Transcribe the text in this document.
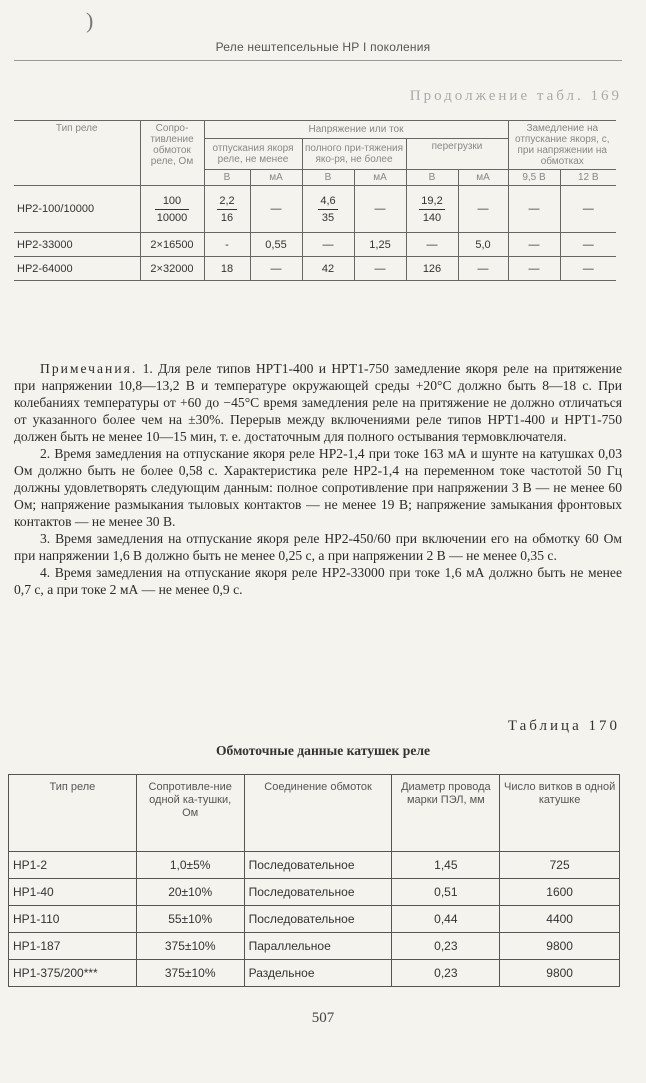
)
Реле нештепсельные НР I поколения
Продолжение табл. 169
Тип реле	Сопро-тивление обмоток реле, Ом	Напряжение или ток						Замедление на отпускание якоря, с, при напряжении на обмотках	
		отпускания якоря реле, не менее		полного при-тяжения яко-ря, не более		перегрузки			
		В	мА	В	мА	В	мА	9,5 В	12 В
НР2-100/10000	$\frac{100}{10000}$	$\frac{2,2}{16}$	—	$\frac{4,6}{35}$	—	$\frac{19,2}{140}$	—	—	—
НР2-33000	2×16500	-	0,55	—	1,25	—	5,0	—	—
НР2-64000	2×32000	18	—	42	—	126	—	—	—

Примечания. 1. Для реле типов НРТ1-400 и НРТ1-750 замедление якоря реле на притяжение при напряжении 10,8—13,2 В и температуре окружающей среды +20°С должно быть 8—18 с. При колебаниях температуры от +60 до −45°С время замедления реле на притяжение не должно отличаться от указанного более чем на ±30%. Перерыв между включениями реле типов НРТ1-400 и НРТ1-750 должен быть не менее 10—15 мин, т. е. достаточным для полного остывания термовключателя.

2. Время замедления на отпускание якоря реле НР2-1,4 при токе 163 мА и шунте на катушках 0,03 Ом должно быть не более 0,58 с. Характеристика реле НР2-1,4 на переменном токе частотой 50 Гц должны удовлетворять следующим данным: полное сопротивление при напряжении 3 В — не менее 60 Ом; напряжение размыкания тыловых контактов — не менее 19 В; напряжение замыкания фронтовых контактов — не менее 30 В.

3. Время замедления на отпускание якоря реле НР2-450/60 при включении его на обмотку 60 Ом при напряжении 1,6 В должно быть не менее 0,25 с, а при напряжении 2 В — не менее 0,35 с.

4. Время замедления на отпускание якоря реле НР2-33000 при токе 1,6 мА должно быть не менее 0,7 с, а при токе 2 мА — не менее 0,9 с.

Таблица 170
Обмоточные данные катушек реле
Тип реле	Сопротивле-ние одной ка-тушки, Ом	Соединение обмоток	Диаметр провода марки ПЭЛ, мм	Число витков в одной катушке
НР1-2	1,0±5%	Последовательное	1,45	725
НР1-40	20±10%	Последовательное	0,51	1600
НР1-110	55±10%	Последовательное	0,44	4400
НР1-187	375±10%	Параллельное	0,23	9800
НР1-375/200***	375±10%	Раздельное	0,23	9800
507
